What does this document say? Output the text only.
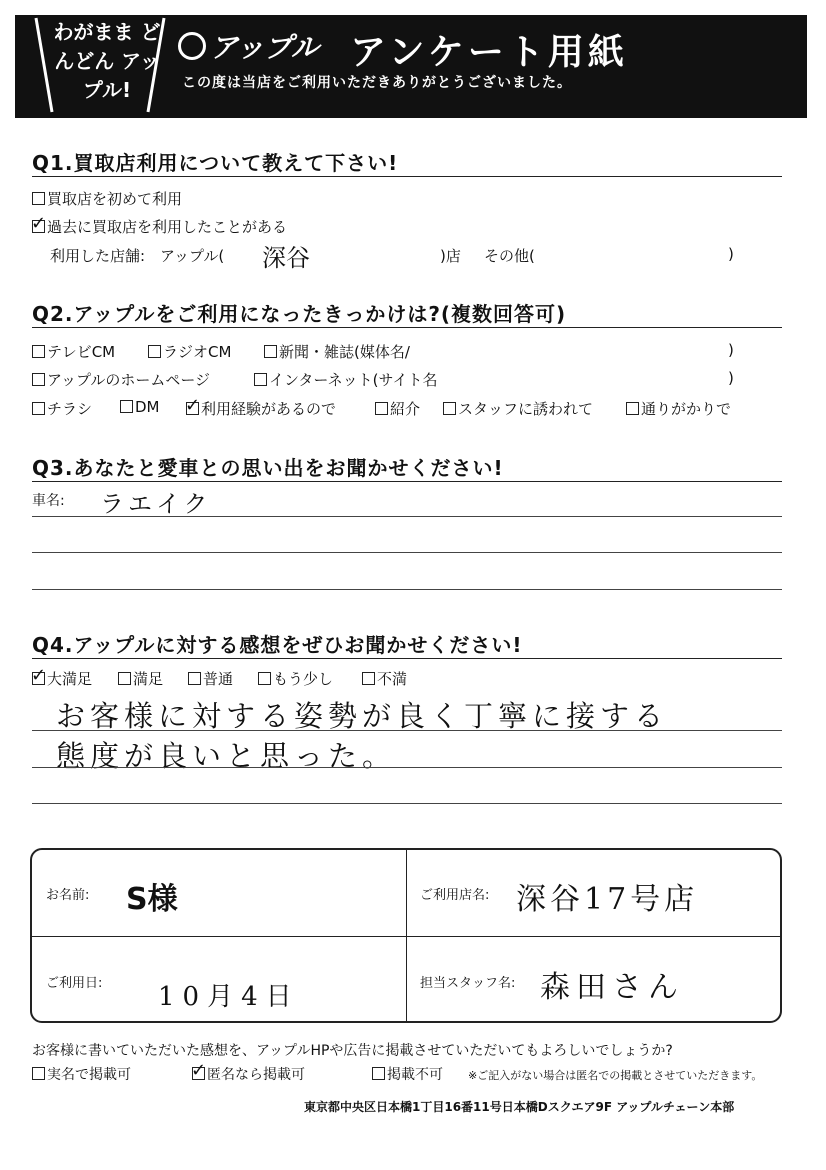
わがまま どんどん アップル!
アップル アンケート用紙
この度は当店をご利用いただきありがとうございました。
Q1.買取店利用について教えて下さい!
買取店を初めて利用
✓ 過去に買取店を利用したことがある
利用した店舗:　アップル( 深谷	)店 その他(	)
Q2.アップルをご利用になったきっかけは?(複数回答可)
テレビCM	ラジオCM	新聞・雑誌(媒体名/	)
アップルのホームページ	インターネット(サイト名	)
チラシ	DM ✓ 利用経験があるので	紹介	スタッフに誘われて	通りがかりで
Q3.あなたと愛車との思い出をお聞かせください!
車名: ラエイク
Q4.アップルに対する感想をぜひお聞かせください!
✓ 大満足	満足	普通	もう少し	不満
お客様に対する姿勢が良く丁寧に接する
態度が良いと思った。
お名前: S様	ご利用店名: 深谷17号店
ご利用日: 10月4日	担当スタッフ名: 森田さん
お客様に書いていただいた感想を、アップルHPや広告に掲載させていただいてもよろしいでしょうか?
実名で掲載可	✓ 匿名なら掲載可	掲載不可 ※ご記入がない場合は匿名での掲載とさせていただきます。
東京都中央区日本橋1丁目16番11号日本橋Dスクエア9F アップルチェーン本部
